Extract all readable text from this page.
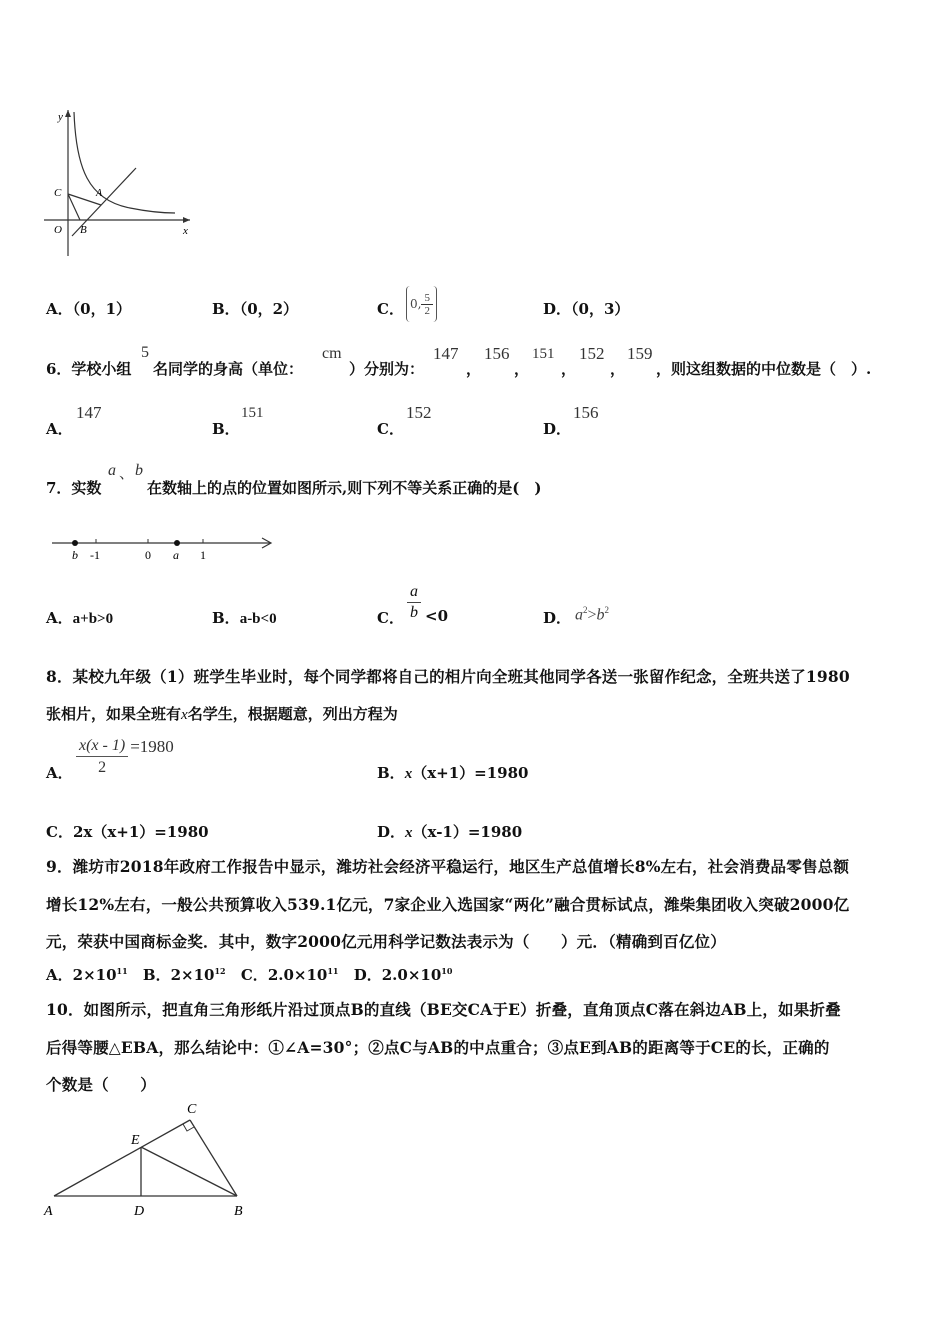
y
x
O
C	A
B
A．（0，1）	B．（0，2）	C． 0, $\frac{5}{2}$	D．（0，3）
6．学校小组
5
名同学的身高（单位：
cm
）分别为：
147
，
156
，
151
，
152
，
159
，则这组数据的中位数是（　）.
A．
147
B．
151
C．
152
D．
156
7．实数
a 、 b
在数轴上的点的位置如图所示,则下列不等关系正确的是(　)
b -1	0 a 1
A．a+b>0	B．a-b<0	C． $\frac{a}{b} <0$	D． $a^2>b^2$
8．某校九年级（1）班学生毕业时，每个同学都将自己的相片向全班其他同学各送一张留作纪念，全班共送了1980
张相片，如果全班有x名学生，根据题意，列出方程为
A． $\frac{x(x - 1)}{2} =1980$
B．x（x+1）=1980
C．2x（x+1）=1980	D．x（x-1）=1980
9．潍坊市2018年政府工作报告中显示，潍坊社会经济平稳运行，地区生产总值增长8%左右，社会消费品零售总额
增长12%左右，一般公共预算收入539.1亿元，7家企业入选国家“两化”融合贯标试点，潍柴集团收入突破2000亿
元，荣获中国商标金奖．其中，数字2000亿元用科学记数法表示为（　　）元．（精确到百亿位）
A．$2\times 10^{11}$ B．$2\times 10^{12}$ C．$2.0\times 10^{11}$ D．$2.0\times 10^{10}$
10．如图所示，把直角三角形纸片沿过顶点B的直线（BE交CA于E）折叠，直角顶点C落在斜边AB上，如果折叠
后得等腰△EBA，那么结论中：①∠A=30°；②点C与AB的中点重合；③点E到AB的距离等于CE的长，正确的
个数是（　　）
C
E
A	D	B
